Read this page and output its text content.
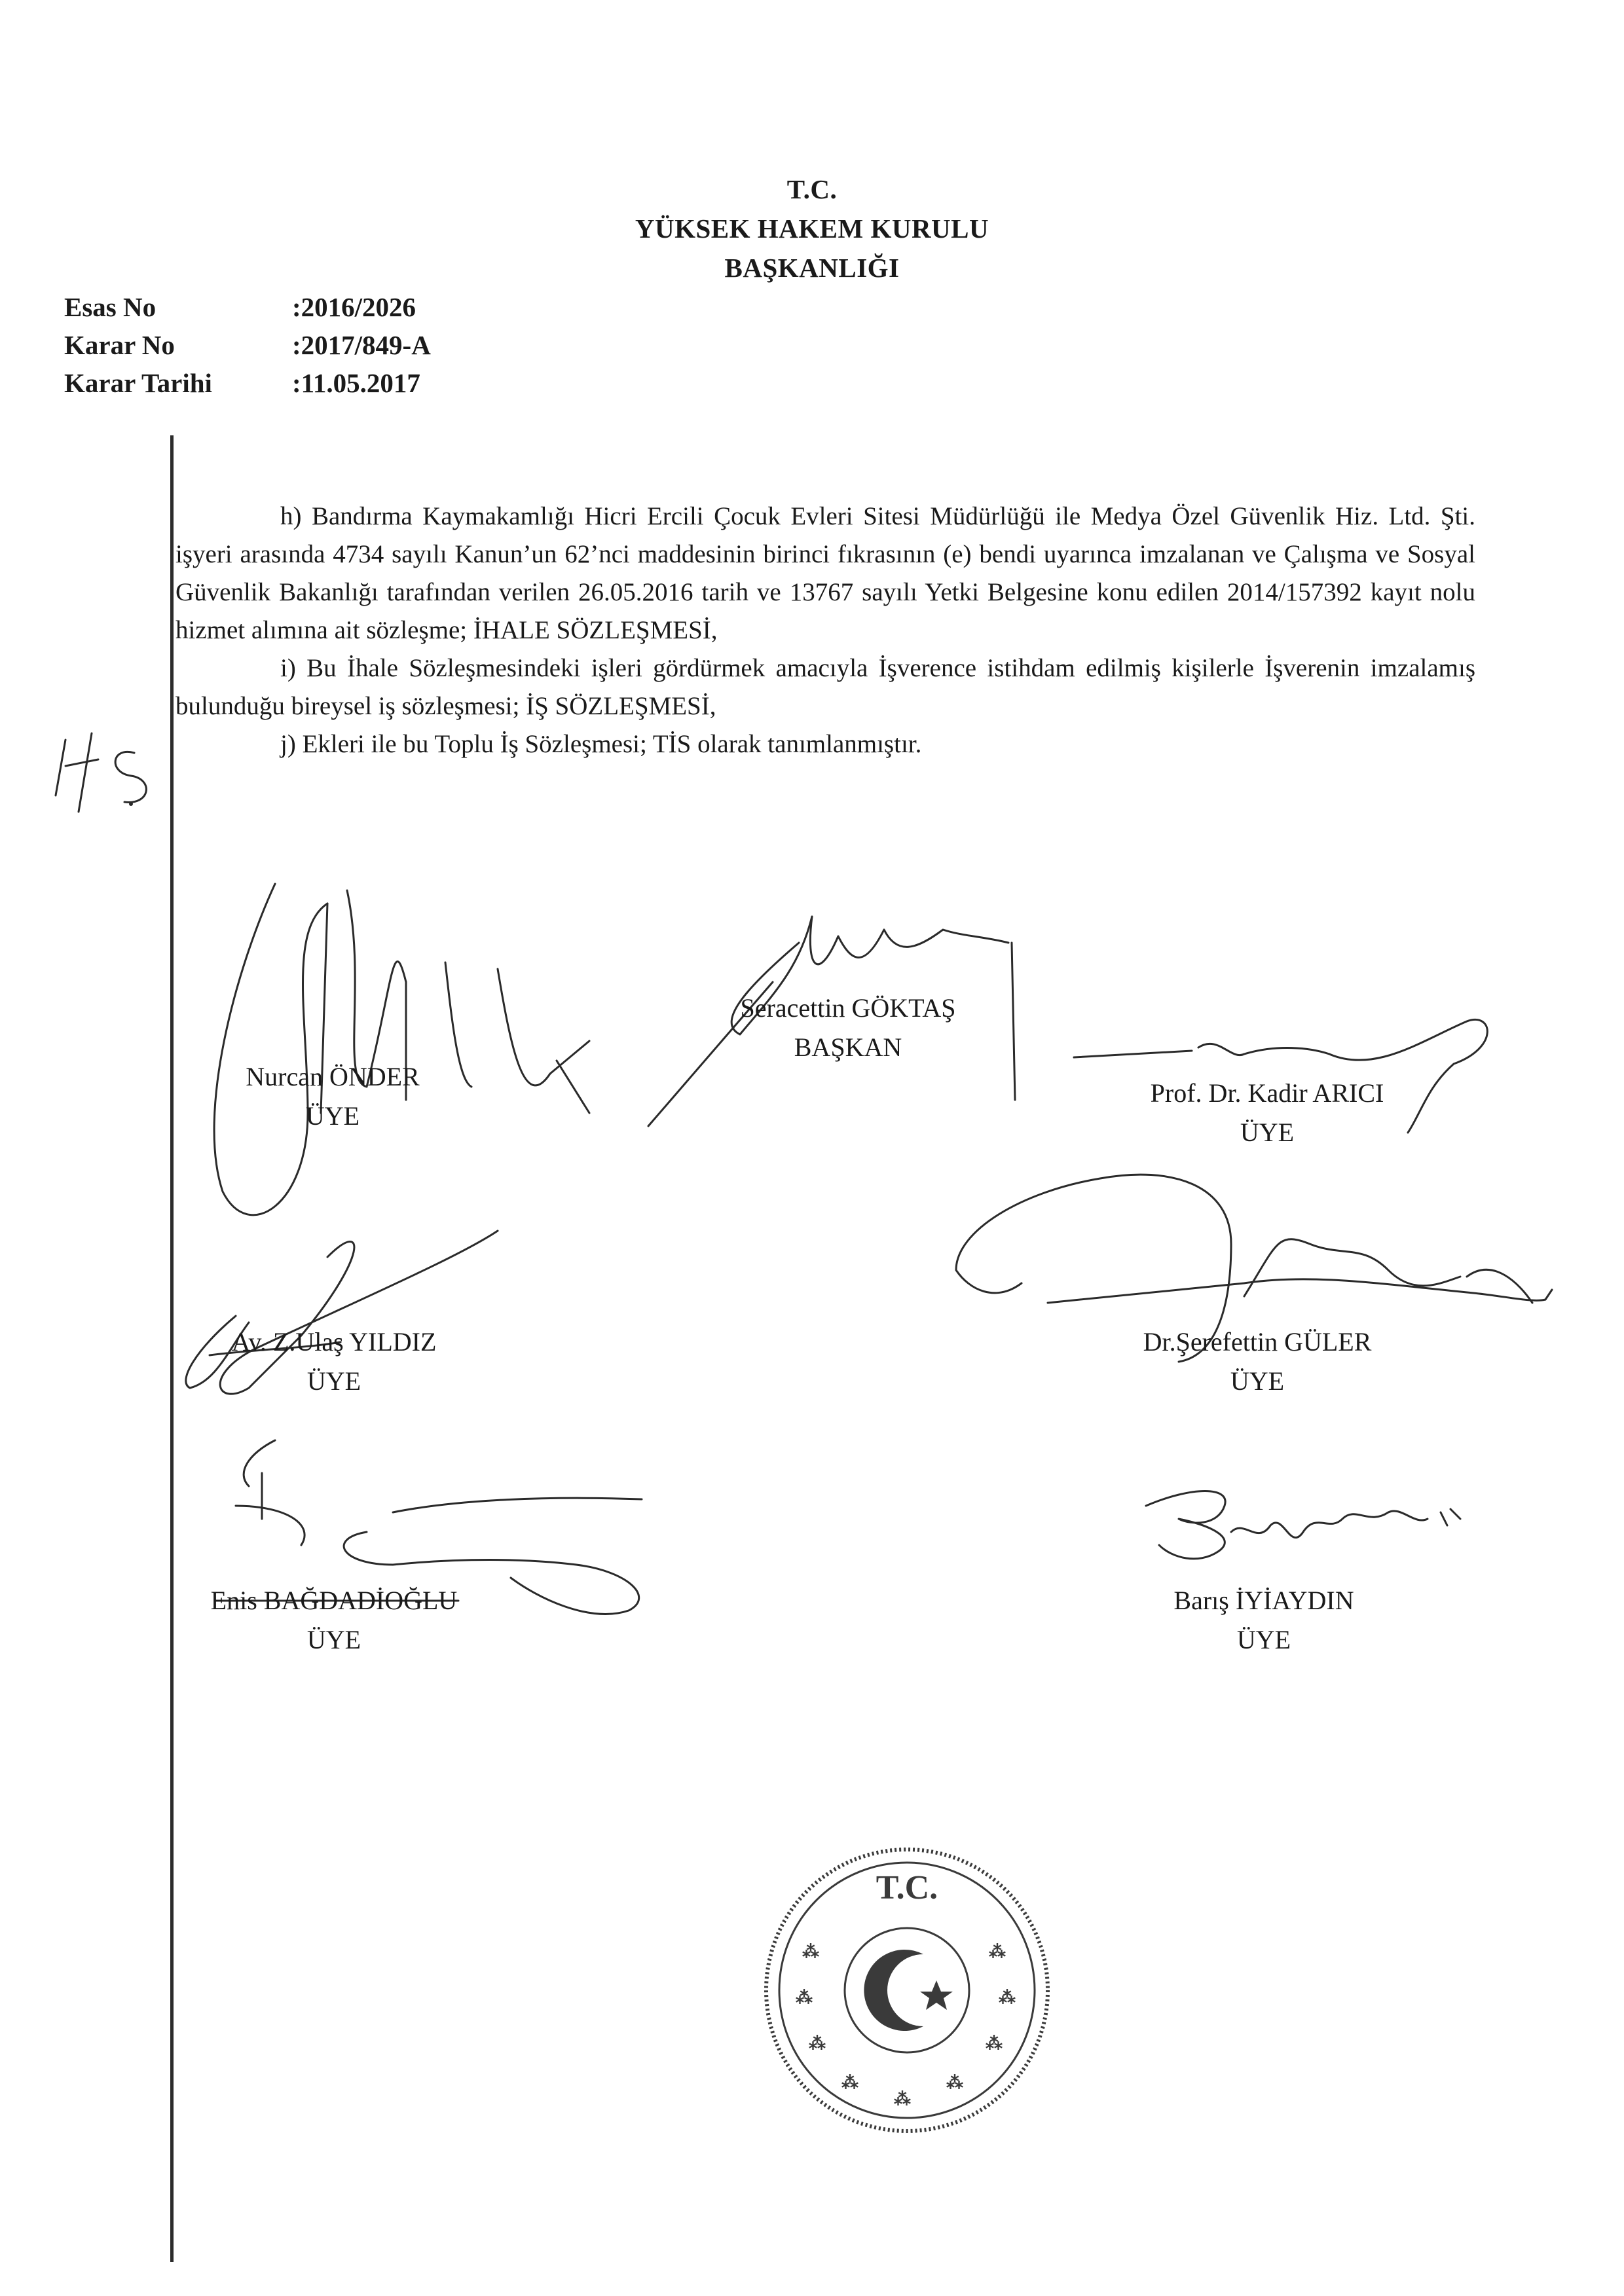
T.C.
YÜKSEK HAKEM KURULU
BAŞKANLIĞI
Esas No	:2016/2026
Karar No	:2017/849-A
Karar Tarihi	:11.05.2017

h) Bandırma Kaymakamlığı Hicri Ercili Çocuk Evleri Sitesi Müdürlüğü ile Medya Özel Güvenlik Hiz. Ltd. Şti. işyeri arasında 4734 sayılı Kanun’un 62’nci maddesinin birinci fıkrasının (e) bendi uyarınca imzalanan ve Çalışma ve Sosyal Güvenlik Bakanlığı tarafından verilen 26.05.2016 tarih ve 13767 sayılı Yetki Belgesine konu edilen 2014/157392 kayıt nolu hizmet alımına ait sözleşme; İHALE SÖZLEŞMESİ,

i) Bu İhale Sözleşmesindeki işleri gördürmek amacıyla İşverence istihdam edilmiş kişilerle İşverenin imzalamış bulunduğu bireysel iş sözleşmesi; İŞ SÖZLEŞMESİ,

j) Ekleri ile bu Toplu İş Sözleşmesi; TİS olarak tanımlanmıştır.

Nurcan ÖNDER
ÜYE
Seracettin GÖKTAŞ
BAŞKAN
Prof. Dr. Kadir ARICI
ÜYE
Av. Z.Ulaş YILDIZ
ÜYE
Dr.Şerefettin GÜLER
ÜYE
Enis BAĞDADİOĞLU
ÜYE
Barış İYİAYDIN
ÜYE
T.C.
⁂
⁂
⁂
⁂
⁂
⁂
⁂
⁂
⁂
